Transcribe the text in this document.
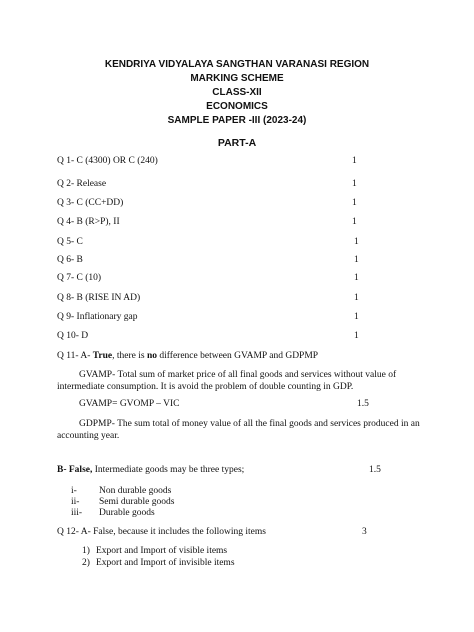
KENDRIYA VIDYALAYA SANGTHAN VARANASI REGION
MARKING SCHEME
CLASS-XII
ECONOMICS
SAMPLE PAPER -III (2023-24)
PART-A
Q 1- C (4300) OR C (240)	1
Q 2- Release	1
Q 3- C (CC+DD)	1
Q 4- B (R>P), II	1
Q 5- C	1
Q 6- B	1
Q 7- C (10)	1
Q 8- B (RISE IN AD)	1
Q 9- Inflationary gap	1
Q 10- D	1
Q 11- A- True, there is no difference between GVAMP and GDPMP
GVAMP- Total sum of market price of all final goods and services without value of intermediate consumption. It is avoid the problem of double counting in GDP.
GVAMP= GVOMP – VIC	1.5
GDPMP- The sum total of money value of all the final goods and services produced in an accounting year.
B- False, Intermediate goods may be three types;	1.5
i- Non durable goods
ii- Semi durable goods
iii- Durable goods
Q 12- A- False, because it includes the following items	3
1) Export and Import of visible items
2) Export and Import of invisible items
